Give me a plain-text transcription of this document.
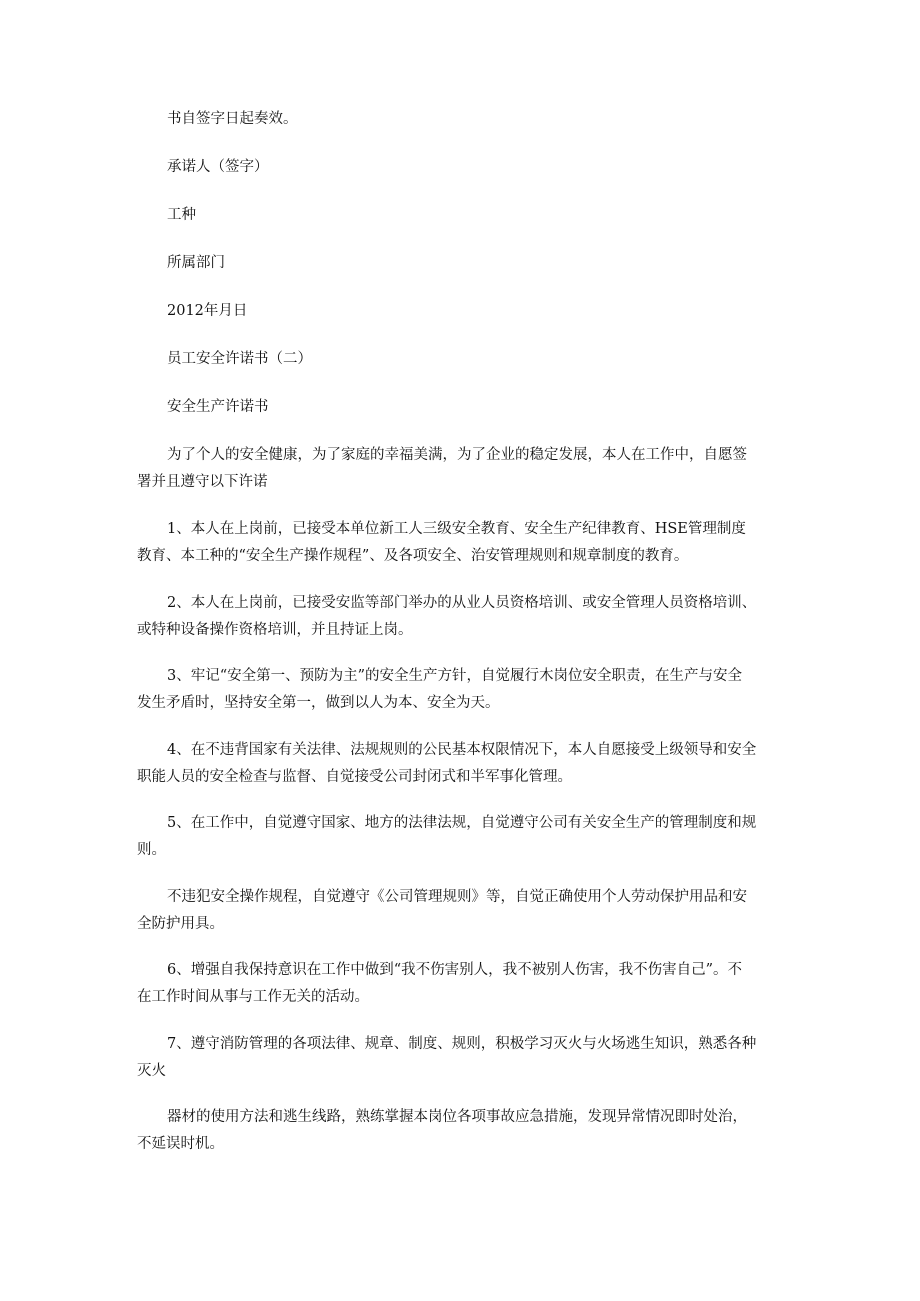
书自签字日起奏效。
承诺人（签字）
工种
所属部门
2012年月日
员工安全许诺书（二）
安全生产许诺书
为了个人的安全健康，为了家庭的幸福美满，为了企业的稳定发展，本人在工作中，自愿签
署并且遵守以下许诺
1、本人在上岗前，已接受本单位新工人三级安全教育、安全生产纪律教育、HSE管理制度
教育、本工种的“安全生产操作规程”、及各项安全、治安管理规则和规章制度的教育。
2、本人在上岗前，已接受安监等部门举办的从业人员资格培训、或安全管理人员资格培训、
或特种设备操作资格培训，并且持证上岗。
3、牢记“安全第一、预防为主”的安全生产方针，自觉履行木岗位安全职责，在生产与安全
发生矛盾时，坚持安全第一，做到以人为本、安全为天。
4、在不违背国家有关法律、法规规则的公民基本权限情况下，本人自愿接受上级领导和安全
职能人员的安全检查与监督、自觉接受公司封闭式和半军事化管理。
5、在工作中，自觉遵守国家、地方的法律法规，自觉遵守公司有关安全生产的管理制度和规
则。
不违犯安全操作规程，自觉遵守《公司管理规则》等，自觉正确使用个人劳动保护用品和安
全防护用具。
6、增强自我保持意识在工作中做到“我不伤害别人，我不被别人伤害，我不伤害自己”。不
在工作时间从事与工作无关的活动。
7、遵守消防管理的各项法律、规章、制度、规则，积极学习灭火与火场逃生知识，熟悉各种
灭火
器材的使用方法和逃生线路，熟练掌握本岗位各项事故应急措施，发现异常情况即时处治，
不延误时机。
